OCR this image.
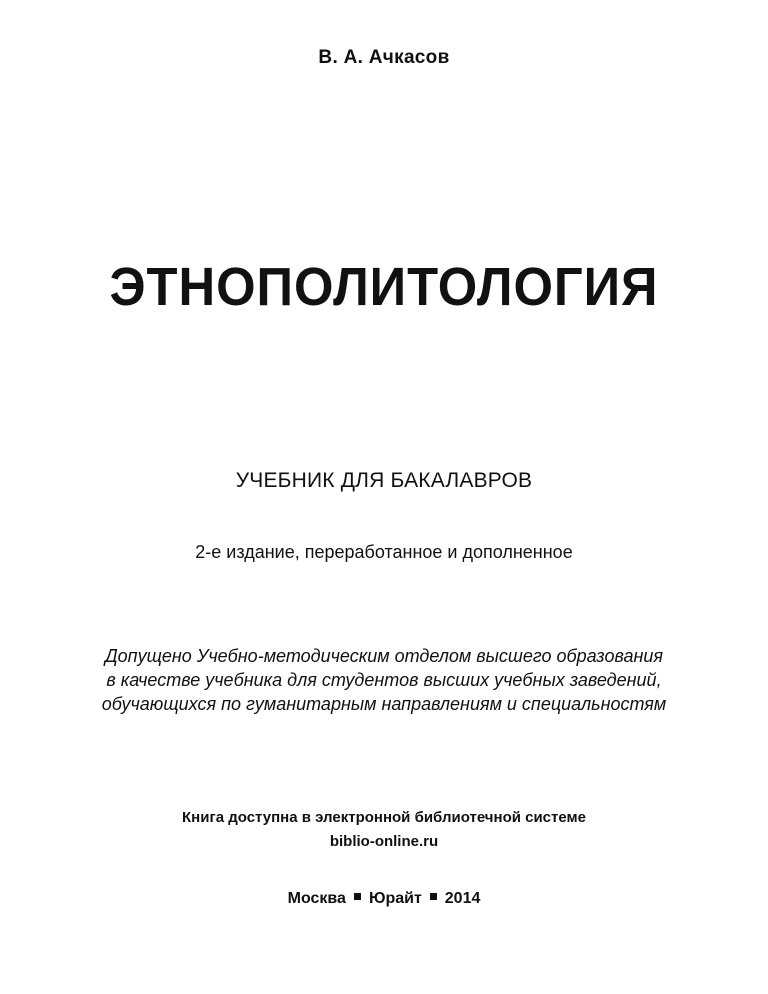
В. А. Ачкасов
ЭТНОПОЛИТОЛОГИЯ
УЧЕБНИК ДЛЯ БАКАЛАВРОВ
2-е издание, переработанное и дополненное
Допущено Учебно-методическим отделом высшего образования
в качестве учебника для студентов высших учебных заведений,
обучающихся по гуманитарным направлениям и специальностям
Книга доступна в электронной библиотечной системе
biblio-online.ru
Москва Юрайт 2014
